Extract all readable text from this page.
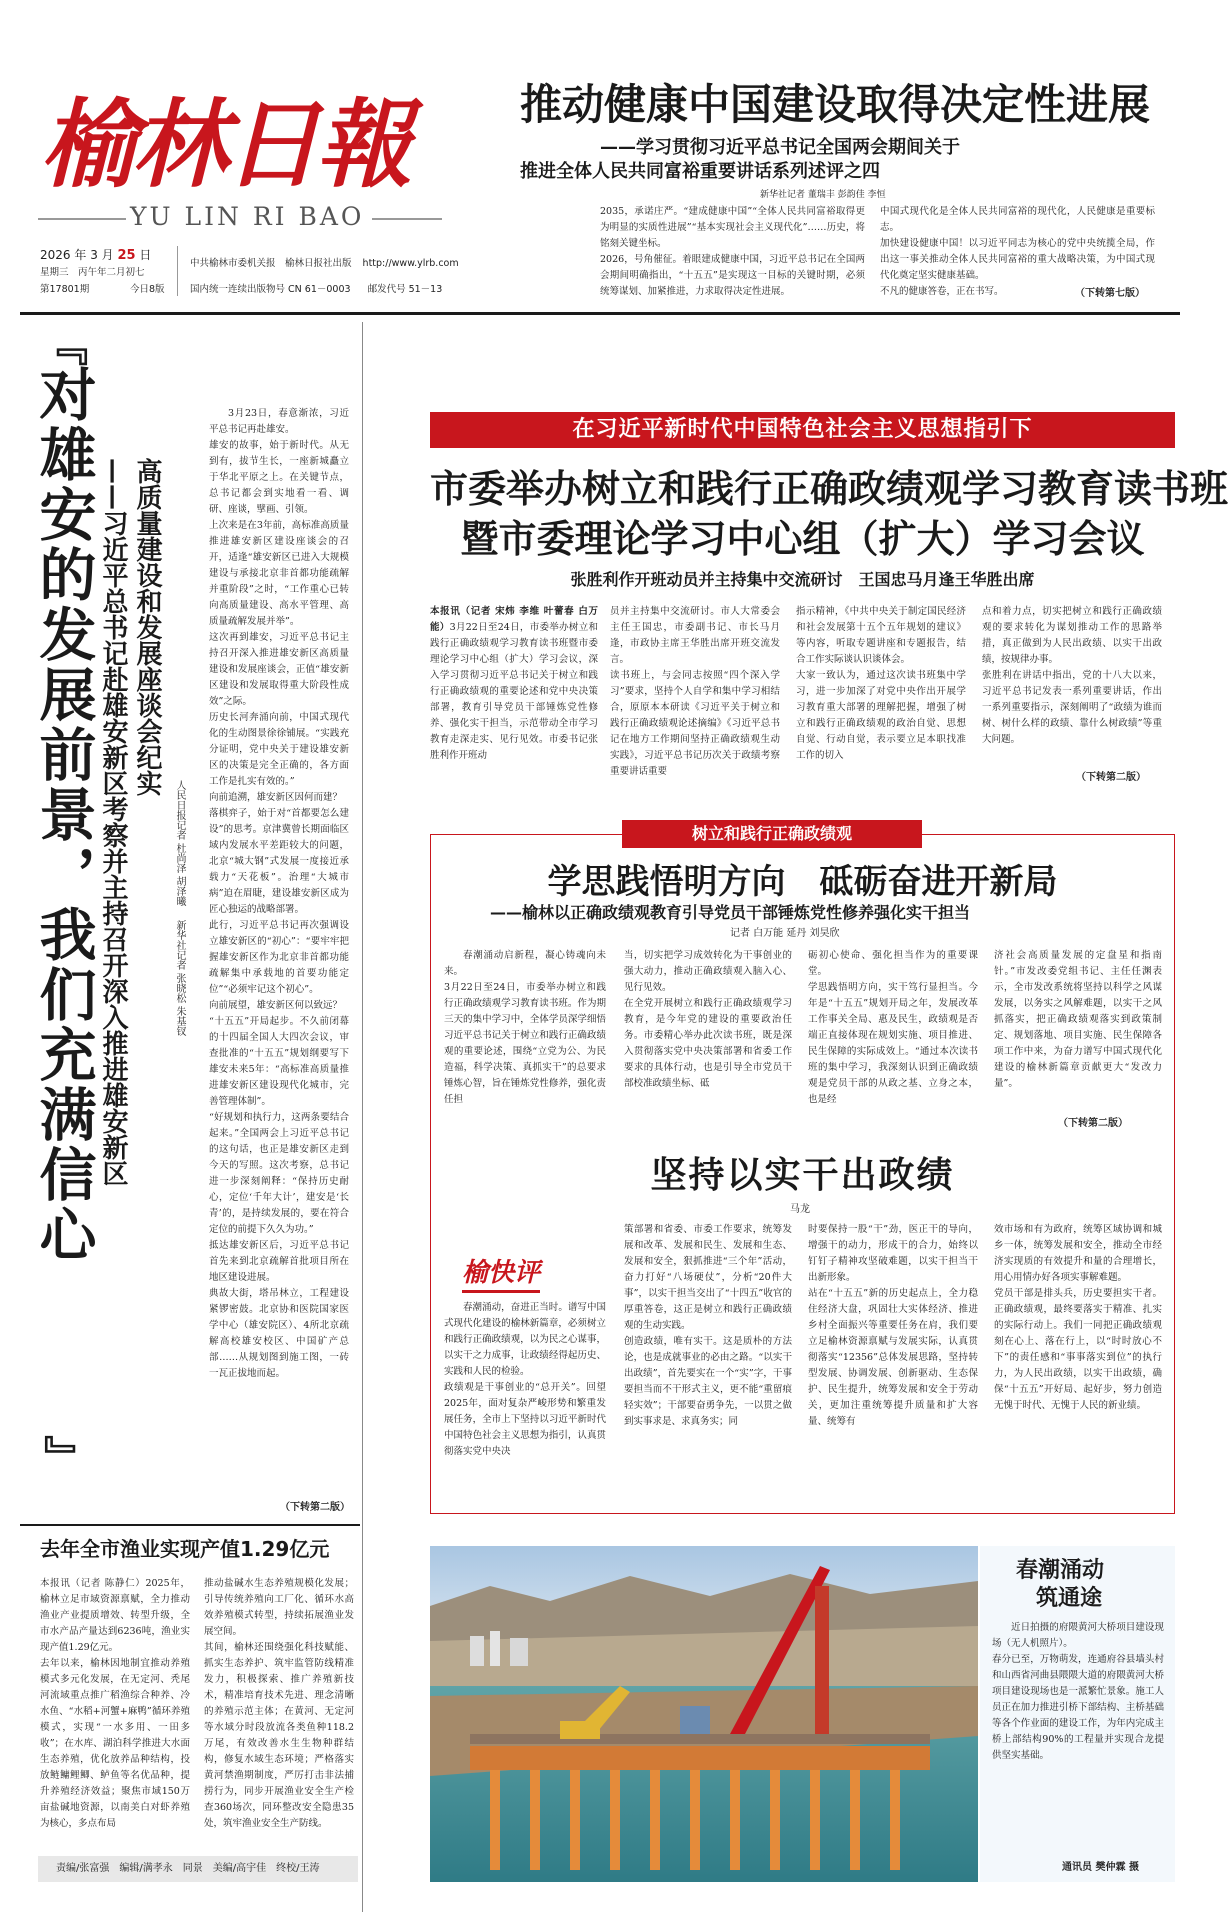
榆林日報
YU LIN RI BAO
2026 年 3 月 25 日
星期三　丙午年二月初七
第17801期	今日8版
中共榆林市委机关报　榆林日报社出版 http://www.ylrb.com
国内统一连续出版物号 CN 61－0003 邮发代号 51－13
推动健康中国建设取得决定性进展
——学习贯彻习近平总书记全国两会期间关于
推进全体人民共同富裕重要讲话系列述评之四
新华社记者 董瑞丰 彭韵佳 李恒
2035，承诺庄严。“建成健康中国”“全体人民共同富裕取得更为明显的实质性进展”“基本实现社会主义现代化”……历史，将铭刻关键坐标。
2026，号角催征。着眼建成健康中国，习近平总书记在全国两会期间明确指出，“十五五”是实现这一目标的关键时期，必须统筹谋划、加紧推进，力求取得决定性进展。
中国式现代化是全体人民共同富裕的现代化，人民健康是重要标志。
加快建设健康中国！以习近平同志为核心的党中央统揽全局，作出这一事关推动全体人民共同富裕的重大战略决策，为中国式现代化奠定坚实健康基础。
不凡的健康答卷，正在书写。	（下转第七版）
『
对雄安的发展前景，我们充满信心
』
高质量建设和发展座谈会纪实
——习近平总书记赴雄安新区考察并主持召开深入推进雄安新区	人民日报记者 杜尚泽 胡泽曦
新华社记者 张晓松 朱基钗
3月23日，春意渐浓，习近平总书记再赴雄安。
雄安的故事，始于新时代。从无到有，拔节生长，一座新城矗立于华北平原之上。在关键节点，总书记都会到实地看一看、调研、座谈，擘画、引领。
上次来是在3年前，高标准高质量推进雄安新区建设座谈会的召开，适逢“雄安新区已进入大规模建设与承接北京非首都功能疏解并重阶段”之时，“工作重心已转向高质量建设、高水平管理、高质量疏解发展并举”。
这次再到雄安，习近平总书记主持召开深入推进雄安新区高质量建设和发展座谈会，正值“雄安新区建设和发展取得重大阶段性成效”之际。
历史长河奔涌向前，中国式现代化的生动图景徐徐铺展。“实践充分证明，党中央关于建设雄安新区的决策是完全正确的，各方面工作是扎实有效的。”
向前追溯，雄安新区因何而建？
落棋弈子，始于对“首都要怎么建设”的思考。京津冀曾长期面临区域内发展水平差距较大的问题，北京“城大钢”式发展一度接近承载力“天花板”。治理“大城市病”迫在眉睫，建设雄安新区成为匠心独运的战略部署。
此行，习近平总书记再次强调设立雄安新区的“初心”：“要牢牢把握雄安新区作为北京非首都功能疏解集中承载地的首要功能定位”“必须牢记这个初心”。
向前展望，雄安新区何以致远？
“十五五”开局起步。不久前闭幕的十四届全国人大四次会议，审查批准的“十五五”规划纲要写下雄安未来5年：“高标准高质量推进雄安新区建设现代化城市，完善管理体制”。
“好规划和执行力，这两条要结合起来。”全国两会上习近平总书记的这句话，也正是雄安新区走到今天的写照。这次考察，总书记进一步深刻阐释：“保持历史耐心，定位‘千年大计’，建安是‘长青’的，是持续发展的，要在符合定位的前提下久久为功。”
抵达雄安新区后，习近平总书记首先来到北京疏解首批项目所在地区建设进展。
典故大街，塔吊林立，工程建设紧锣密鼓。北京协和医院国家医学中心（雄安院区）、4所北京疏解高校雄安校区、中国矿产总部……从规划图到施工图，一砖一瓦正拔地而起。
（下转第二版）
去年全市渔业实现产值1.29亿元
本报讯（记者 陈静仁）2025年，榆林立足市域资源禀赋，全力推动渔业产业提质增效、转型升级，全市水产品产量达到6236吨，渔业实现产值1.29亿元。
去年以来，榆林因地制宜推动养殖模式多元化发展，在无定河、秃尾河流域重点推广稻渔综合种养、冷水鱼、“水稻+河蟹+麻鸭”循环养殖模式，实现“一水多用、一田多收”；在水库、湖泊科学推进大水面生态养殖，优化放养品种结构，投放鲢鳙鲤鲫、鲈鱼等名优品种，提升养殖经济效益；聚焦市域150万亩盐碱地资源，以南美白对虾养殖为核心，多点布局
推动盐碱水生态养殖规模化发展；引导传统养殖向工厂化、循环水高效养殖模式转型，持续拓展渔业发展空间。
其间，榆林还围绕强化科技赋能、抓实生态养护、筑牢监管防线精准发力，积极探索、推广养殖新技术，精准培育技术先进、理念清晰的养殖示范主体；在黄河、无定河等水域分时段放流各类鱼种118.2万尾，有效改善水生生物种群结构，修复水域生态环境；严格落实黄河禁渔期制度，严厉打击非法捕捞行为，同步开展渔业安全生产检查360场次，同环整改安全隐患35处，筑牢渔业安全生产防线。
责编/张富强　编辑/满孝永　同景　美编/高宇佳　终校/王涛
在习近平新时代中国特色社会主义思想指引下
市委举办树立和践行正确政绩观学习教育读书班
暨市委理论学习中心组（扩大）学习会议
张胜利作开班动员并主持集中交流研讨　王国忠马月逢王华胜出席
本报讯（记者 宋炜 李维 叶蕾春 白万能）3月22日至24日，市委举办树立和践行正确政绩观学习教育读书班暨市委理论学习中心组（扩大）学习会议，深入学习贯彻习近平总书记关于树立和践行正确政绩观的重要论述和党中央决策部署，教育引导党员干部锤炼党性修养、强化实干担当，示范带动全市学习教育走深走实、见行见效。市委书记张胜利作开班动
员并主持集中交流研讨。市人大常委会主任王国忠，市委副书记、市长马月逢，市政协主席王华胜出席开班交流发言。
读书班上，与会同志按照“四个深入学习”要求，坚持个人自学和集中学习相结合，原原本本研读《习近平关于树立和践行正确政绩观论述摘编》《习近平总书记在地方工作期间坚持正确政绩观生动实践》，习近平总书记历次关于政绩考察重要讲话重要
指示精神，《中共中央关于制定国民经济和社会发展第十五个五年规划的建议》等内容，听取专题讲座和专题报告，结合工作实际谈认识谈体会。
大家一致认为，通过这次读书班集中学习，进一步加深了对党中央作出开展学习教育重大部署的理解把握，增强了树立和践行正确政绩观的政治自觉、思想自觉、行动自觉，表示要立足本职找准工作的切入
点和着力点，切实把树立和践行正确政绩观的要求转化为谋划推动工作的思路举措，真正做到为人民出政绩、以实干出政绩，按规律办事。
张胜利在讲话中指出，党的十八大以来，习近平总书记发表一系列重要讲话，作出一系列重要指示，深刻阐明了“政绩为谁而树、树什么样的政绩、靠什么树政绩”等重大问题。
（下转第二版）
树立和践行正确政绩观
学思践悟明方向　砥砺奋进开新局
——榆林以正确政绩观教育引导党员干部锤炼党性修养强化实干担当
记者 白万能 延丹 刘昊欣
春潮涌动启新程，凝心铸魂向未来。
3月22日至24日，市委举办树立和践行正确政绩观学习教育读书班。作为期三天的集中学习中，全体学员深学细悟习近平总书记关于树立和践行正确政绩观的重要论述，围绕“立党为公、为民造福，科学决策、真抓实干”的总要求锤炼心智，旨在锤炼党性修养，强化责任担
当，切实把学习成效转化为干事创业的强大动力，推动正确政绩观入脑入心、见行见效。
在全党开展树立和践行正确政绩观学习教育，是今年党的建设的重要政治任务。市委精心举办此次读书班，既是深入贯彻落实党中央决策部署和省委工作要求的具体行动，也是引导全市党员干部校准政绩坐标、砥
砺初心使命、强化担当作为的重要课堂。
学思践悟明方向，实干笃行显担当。今年是“十五五”规划开局之年，发展改革工作事关全局、惠及民生，政绩观是否端正直接体现在规划实施、项目推进、民生保障的实际成效上。“通过本次读书班的集中学习，我深刻认识到正确政绩观是党员干部的从政之基、立身之本，也是经
济社会高质量发展的定盘星和指南针。”市发改委党组书记、主任任渊表示，全市发改系统将坚持以科学之风谋发展，以务实之风解难题，以实干之风抓落实，把正确政绩观落实到政策制定、规划落地、项目实施、民生保障各项工作中来，为奋力谱写中国式现代化建设的榆林新篇章贡献更大“发改力量”。
（下转第二版）
坚持以实干出政绩
马龙
榆快评
春潮涌动，奋进正当时。谱写中国式现代化建设的榆林新篇章，必须树立和践行正确政绩观，以为民之心谋事，以实干之力成事，让政绩经得起历史、实践和人民的检验。
政绩观是干事创业的“总开关”。回望2025年，面对复杂严峻形势和繁重发展任务，全市上下坚持以习近平新时代中国特色社会主义思想为指引，认真贯彻落实党中央决
策部署和省委、市委工作要求，统筹发展和改革、发展和民生、发展和生态、发展和安全，狠抓推进“三个年”活动，奋力打好“八场硬仗”，分析“20件大事”，以实干担当交出了“十四五”收官的厚重答卷，这正是树立和践行正确政绩观的生动实践。
创造政绩，唯有实干。这是质朴的方法论，也是成就事业的必由之路。“以实干出政绩”，首先要实在一个“实”字，干事要担当而不干形式主义，更不能“重留痕轻实效”；干部要奋勇争先，一以贯之做到实事求是、求真务实；同
时要保持一股“干”劲，医正干的导向，增强干的动力，形成干的合力，始终以钉钉子精神攻坚破难题，以实干担当干出新形象。
站在“十五五”新的历史起点上，全力稳住经济大盘，巩固壮大实体经济、推进乡村全面振兴等重要任务在肩，我们要立足榆林资源禀赋与发展实际，认真贯彻落实“12356”总体发展思路，坚持转型发展、协调发展、创新驱动、生态保护、民生提升，统筹发展和安全于劳动关，更加注重统筹提升质量和扩大容量、统筹有
效市场和有为政府，统筹区域协调和城乡一体，统筹发展和安全，推动全市经济实现质的有效提升和量的合理增长，用心用情办好各项实事解难题。
党员干部是排头兵，历史要担实干者。正确政绩观，最终要落实于精准、扎实的实际行动上。我们一同把正确政绩观刻在心上、落在行上，以“时时放心不下”的责任感和“事事落实到位”的执行力，为人民出政绩，以实干出政绩，确保“十五五”开好局、起好步，努力创造无愧于时代、无愧于人民的新业绩。
春潮涌动
筑通途
近日拍摄的府隈黄河大桥项目建设现场（无人机照片）。
春分已至，万物萌发，连通府谷县墙头村和山西省河曲县隈隈大道的府隈黄河大桥项目建设现场也是一派繁忙景象。施工人员正在加力推进引桥下部结构、主桥基础等各个作业面的建设工作，为年内完成主桥上部结构90%的工程量并实现合龙提供坚实基础。
通讯员 樊仲霖 摄
